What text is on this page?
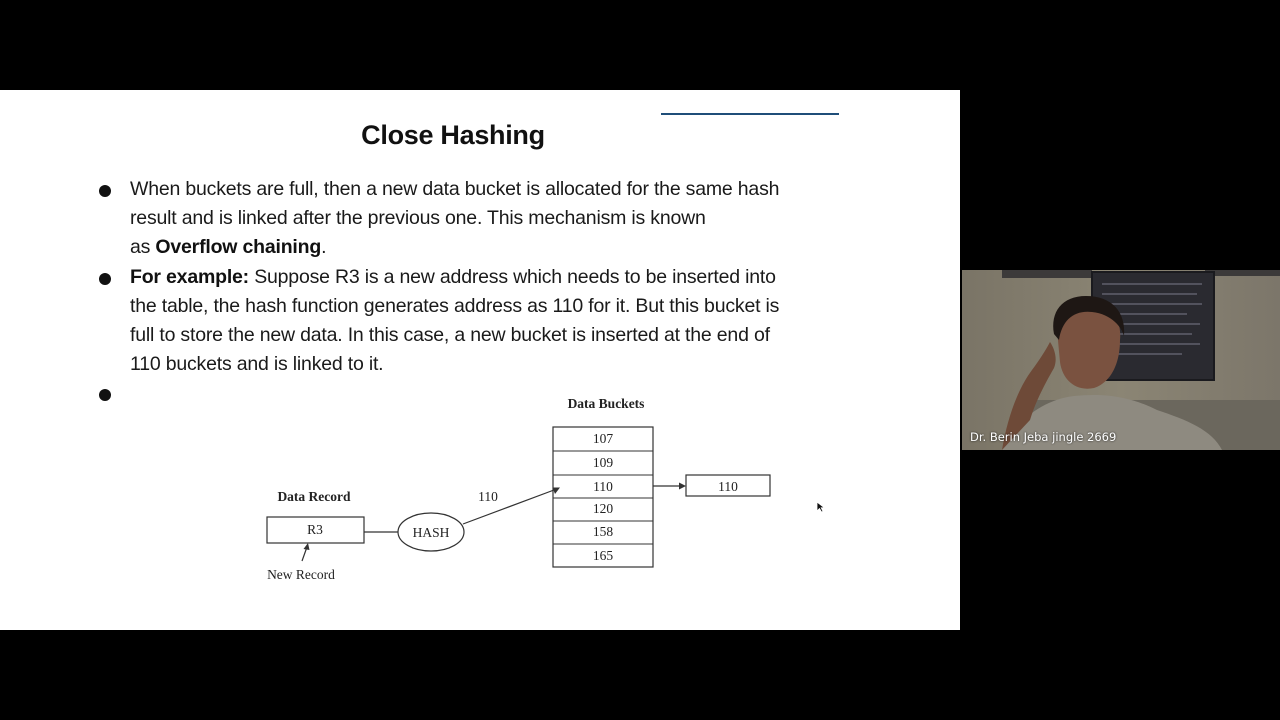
Close Hashing
When buckets are full, then a new data bucket is allocated for the same hash
result and is linked after the previous one. This mechanism is known
as Overflow chaining.
For example: Suppose R3 is a new address which needs to be inserted into
the table, the hash function generates address as 110 for it. But this bucket is
full to store the new data. In this case, a new bucket is inserted at the end of
110 buckets and is linked to it.
Data Buckets
107
109
110
120
158
165
110
Data Record
R3	HASH
110
New Record
Dr. Berin Jeba jingle 2669
